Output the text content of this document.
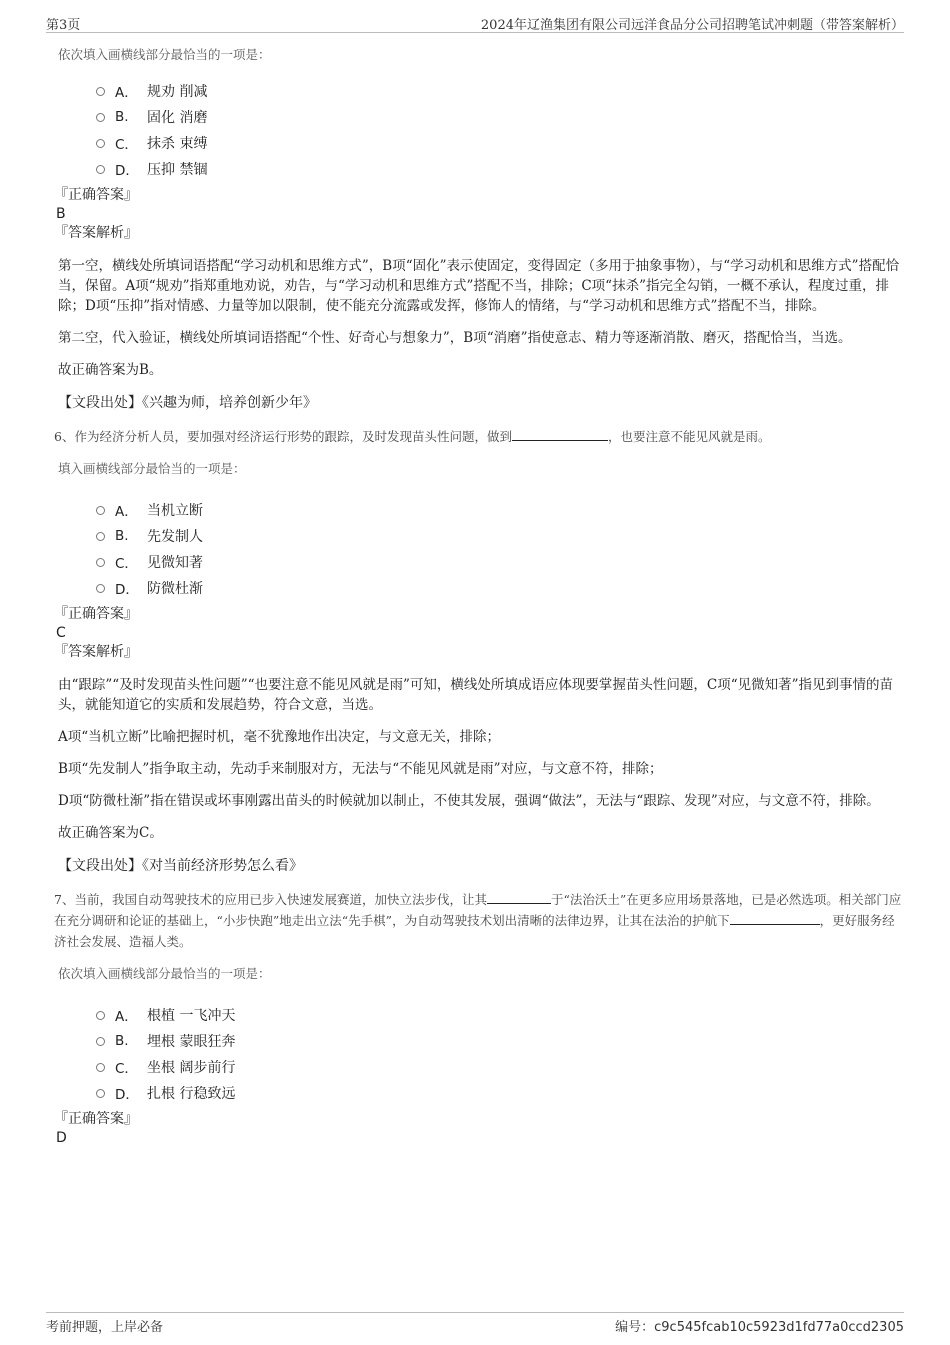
第3页	2024年辽渔集团有限公司远洋食品分公司招聘笔试冲刺题（带答案解析）

依次填入画横线部分最恰当的一项是：

A． 规劝 削减
B.	固化 消磨
C． 抹杀 束缚
D． 压抑 禁锢

『正确答案』

B

『答案解析』

第一空，横线处所填词语搭配“学习动机和思维方式”，B项“固化”表示使固定，变得固定（多用于抽象事物），与“学习动机和思维方式”搭配恰当，保留。A项“规劝”指郑重地劝说，劝告，与“学习动机和思维方式”搭配不当，排除；C项“抹杀”指完全勾销，一概不承认，程度过重，排除；D项“压抑”指对情感、力量等加以限制，使不能充分流露或发挥，修饰人的情绪，与“学习动机和思维方式”搭配不当，排除。

第二空，代入验证，横线处所填词语搭配“个性、好奇心与想象力”，B项“消磨”指使意志、精力等逐渐消散、磨灭，搭配恰当，当选。

故正确答案为B。

【文段出处】《兴趣为师，培养创新少年》

6、作为经济分析人员，要加强对经济运行形势的跟踪，及时发现苗头性问题，做到	，也要注意不能见风就是雨。

填入画横线部分最恰当的一项是：

A． 当机立断
B.	先发制人
C． 见微知著
D． 防微杜渐

『正确答案』

C

『答案解析』

由“跟踪”“及时发现苗头性问题”“也要注意不能见风就是雨”可知，横线处所填成语应体现要掌握苗头性问题，C项“见微知著”指见到事情的苗头，就能知道它的实质和发展趋势，符合文意，当选。

A项“当机立断”比喻把握时机，毫不犹豫地作出决定，与文意无关，排除；

B项“先发制人”指争取主动，先动手来制服对方，无法与“不能见风就是雨”对应，与文意不符，排除；

D项“防微杜渐”指在错误或坏事刚露出苗头的时候就加以制止，不使其发展，强调“做法”，无法与“跟踪、发现”对应，与文意不符，排除。

故正确答案为C。

【文段出处】《对当前经济形势怎么看》

7、当前，我国自动驾驶技术的应用已步入快速发展赛道，加快立法步伐，让其	于“法治沃土”在更多应用场景落地，已是必然选项。相关部门应在充分调研和论证的基础上，“小步快跑”地走出立法“先手棋”，为自动驾驶技术划出清晰的法律边界，让其在法治的护航下	，更好服务经济社会发展、造福人类。

依次填入画横线部分最恰当的一项是：

A． 根植 一飞冲天
B.	埋根 蒙眼狂奔
C． 坐根 阔步前行
D． 扎根 行稳致远

『正确答案』

D

考前押题，上岸必备	编号：c9c545fcab10c5923d1fd77a0ccd2305
